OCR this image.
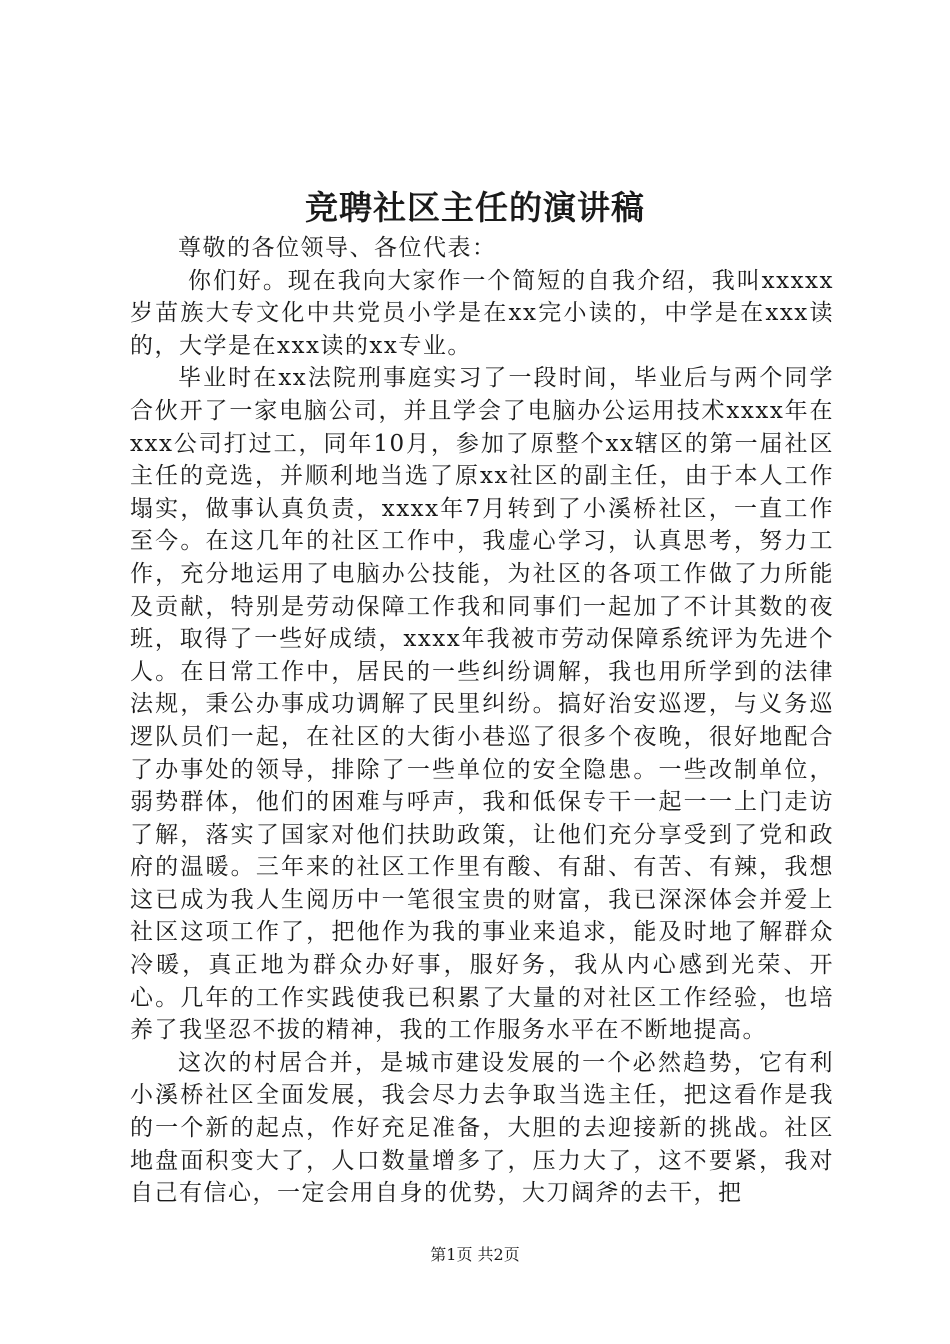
竞聘社区主任的演讲稿

尊敬的各位领导、各位代表：

你们好。现在我向大家作一个简短的自我介绍，我叫xxxxx岁苗族大专文化中共党员小学是在xx完小读的，中学是在xxx读的，大学是在xxx读的xx专业。

毕业时在xx法院刑事庭实习了一段时间，毕业后与两个同学合伙开了一家电脑公司，并且学会了电脑办公运用技术xxxx年在xxx公司打过工，同年10月，参加了原整个xx辖区的第一届社区主任的竞选，并顺利地当选了原xx社区的副主任，由于本人工作塌实，做事认真负责，xxxx年7月转到了小溪桥社区，一直工作至今。在这几年的社区工作中，我虚心学习，认真思考，努力工作，充分地运用了电脑办公技能，为社区的各项工作做了力所能及贡献，特别是劳动保障工作我和同事们一起加了不计其数的夜班，取得了一些好成绩，xxxx年我被市劳动保障系统评为先进个人。在日常工作中，居民的一些纠纷调解，我也用所学到的法律法规，秉公办事成功调解了民里纠纷。搞好治安巡逻，与义务巡逻队员们一起，在社区的大街小巷巡了很多个夜晚，很好地配合了办事处的领导，排除了一些单位的安全隐患。一些改制单位，弱势群体，他们的困难与呼声，我和低保专干一起一一上门走访了解，落实了国家对他们扶助政策，让他们充分享受到了党和政府的温暖。三年来的社区工作里有酸、有甜、有苦、有辣，我想这已成为我人生阅历中一笔很宝贵的财富，我已深深体会并爱上社区这项工作了，把他作为我的事业来追求，能及时地了解群众冷暖，真正地为群众办好事，服好务，我从内心感到光荣、开心。几年的工作实践使我已积累了大量的对社区工作经验，也培养了我坚忍不拔的精神，我的工作服务水平在不断地提高。

这次的村居合并，是城市建设发展的一个必然趋势，它有利小溪桥社区全面发展，我会尽力去争取当选主任，把这看作是我的一个新的起点，作好充足准备，大胆的去迎接新的挑战。社区地盘面积变大了，人口数量增多了，压力大了，这不要紧，我对自己有信心，一定会用自身的优势，大刀阔斧的去干，把

第1页 共2页
